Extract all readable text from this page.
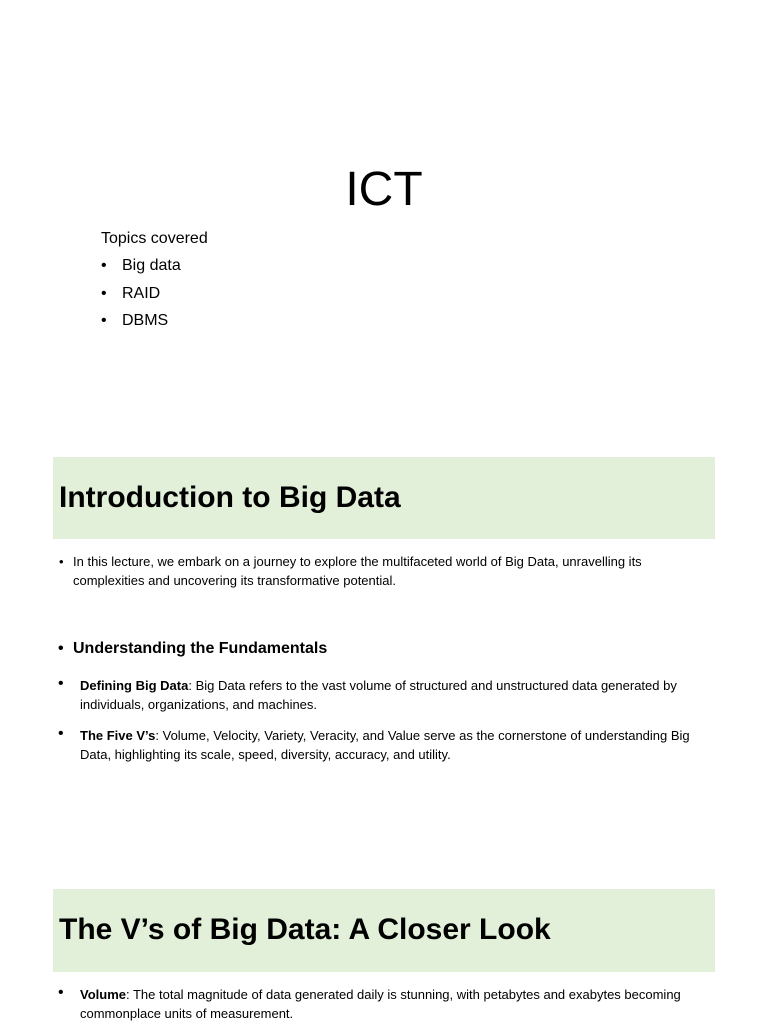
ICT
Topics covered
• Big data
• RAID
• DBMS
Introduction to Big Data
• In this lecture, we embark on a journey to explore the multifaceted world of Big Data, unravelling its complexities and uncovering its transformative potential.
• Understanding the Fundamentals
• Defining Big Data: Big Data refers to the vast volume of structured and unstructured data generated by individuals, organizations, and machines.
• The Five V’s: Volume, Velocity, Variety, Veracity, and Value serve as the cornerstone of understanding Big Data, highlighting its scale, speed, diversity, accuracy, and utility.
The V’s of Big Data: A Closer Look
• Volume: The total magnitude of data generated daily is stunning, with petabytes and exabytes becoming commonplace units of measurement.
